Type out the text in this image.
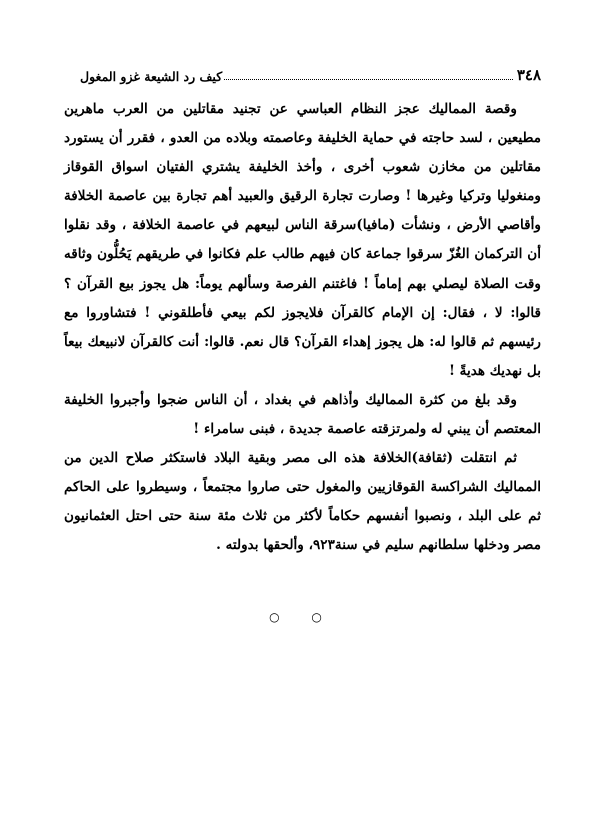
٣٤٨
كيف رد الشيعة غزو المغول

وقصة المماليك عجز النظام العباسي عن تجنيد مقاتلين من العرب ماهرين مطيعين ، لسد حاجته في حماية الخليفة وعاصمته وبلاده من العدو ، فقرر أن يستورد مقاتلين من مخازن شعوب أخرى ، وأخذ الخليفة يشتري الفتيان اسواق القوقاز ومنغوليا وتركيا وغيرها ! وصارت تجارة الرقيق والعبيد أهم تجارة بين عاصمة الخلافة وأقاصي الأرض ، ونشأت (مافيا)سرقة الناس لبيعهم في عاصمة الخلافة ، وقد نقلوا أن التركمان الغُزّ سرقوا جماعة كان فيهم طالب علم فكانوا في طريقهم يَحُلُّون وثاقه وقت الصلاة ليصلي بهم إماماً ! فاغتنم الفرصة وسألهم يوماً: هل يجوز بيع القرآن ؟ قالوا: لا ، فقال: إن الإمام كالقرآن فلايجوز لكم بيعي فأطلقوني ! فتشاوروا مع رئيسهم ثم قالوا له: هل يجوز إهداء القرآن؟ قال نعم. قالوا: أنت كالقرآن لانبيعك بيعاً بل نهديك هديةً !

وقد بلغ من كثرة المماليك وأذاهم في بغداد ، أن الناس ضجوا وأجبروا الخليفة المعتصم أن يبني له ولمرتزقته عاصمة جديدة ، فبنى سامراء !

ثم انتقلت (ثقافة)الخلافة هذه الى مصر وبقية البلاد فاستكثر صلاح الدين من المماليك الشراكسة القوقازيين والمغول حتى صاروا مجتمعاً ، وسيطروا على الحاكم ثم على البلد ، ونصبوا أنفسهم حكاماً لأكثر من ثلاث مئة سنة حتى احتل العثمانيون مصر ودخلها سلطانهم سليم في سنة٩٢٣، وألحقها بدولته .

○ ○
